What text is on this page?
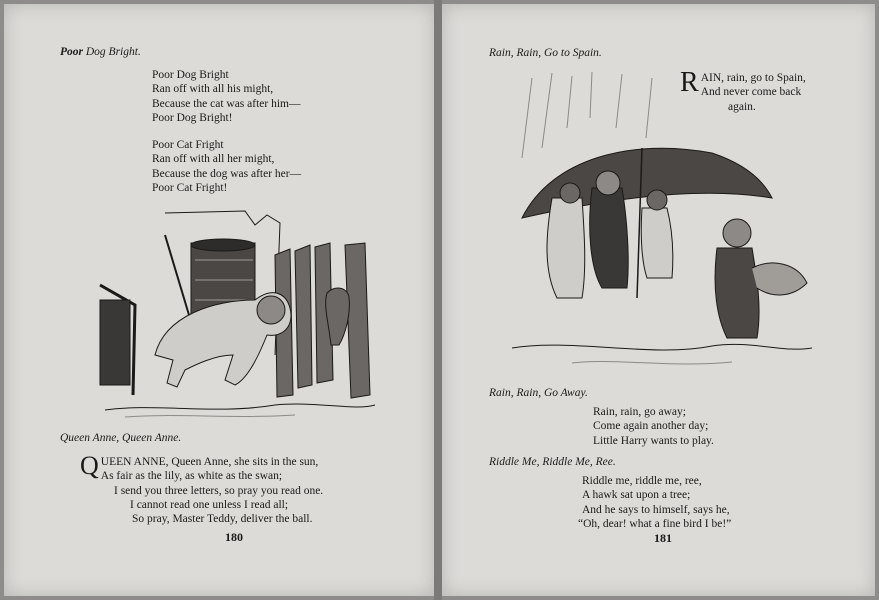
Poor Dog Bright.
Poor Dog Bright
Ran off with all his might,
Because the cat was after him—
Poor Dog Bright!
Poor Cat Fright
Ran off with all her might,
Because the dog was after her—
Poor Cat Fright!
Queen Anne, Queen Anne.
QUEEN ANNE, Queen Anne, she sits in the sun,
As fair as the lily, as white as the swan;
I send you three letters, so pray you read one.
I cannot read one unless I read all;
So pray, Master Teddy, deliver the ball.
180
Rain, Rain, Go to Spain.
RAIN, rain, go to Spain,
And never come back
again.
Rain, Rain, Go Away.
Rain, rain, go away;
Come again another day;
Little Harry wants to play.
Riddle Me, Riddle Me, Ree.
Riddle me, riddle me, ree,
A hawk sat upon a tree;
And he says to himself, says he,
“Oh, dear! what a fine bird I be!”
181
